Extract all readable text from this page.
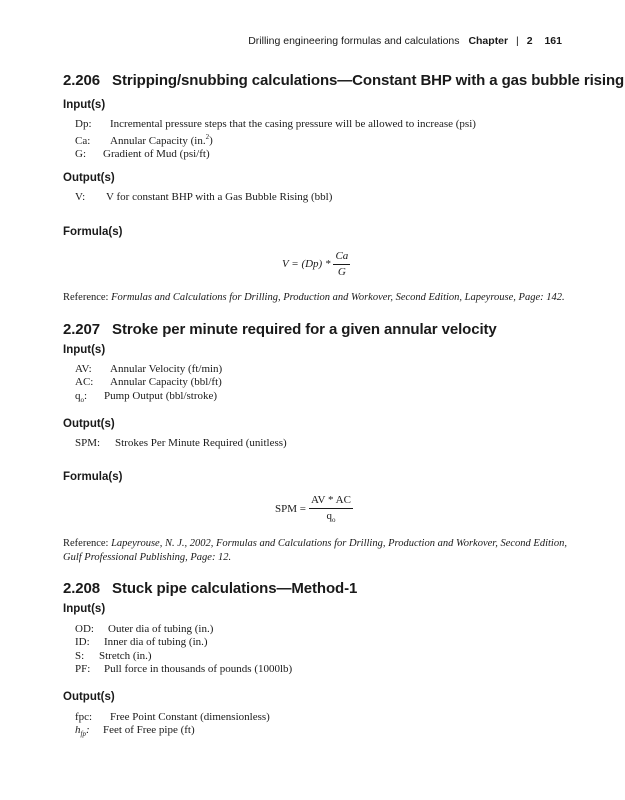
Drilling engineering formulas and calculations Chapter | 2 161
2.206 Stripping/snubbing calculations—Constant BHP with a gas bubble rising
Input(s)
Dp: Incremental pressure steps that the casing pressure will be allowed to increase (psi)
Ca: Annular Capacity (in.$^2$)
G: Gradient of Mud (psi/ft)
Output(s)
V: V for constant BHP with a Gas Bubble Rising (bbl)
Formula(s)
$V = (Dp) * \frac{Ca}{G}$
Reference: Formulas and Calculations for Drilling, Production and Workover, Second Edition, Lapeyrouse, Page: 142.
2.207 Stroke per minute required for a given annular velocity
Input(s)
AV: Annular Velocity (ft/min)
AC: Annular Capacity (bbl/ft)
$q_o$: Pump Output (bbl/stroke)
Output(s)
SPM: Strokes Per Minute Required (unitless)
Formula(s)
SPM = $\frac{AV * AC}{q_o}$
Reference: Lapeyrouse, N. J., 2002, Formulas and Calculations for Drilling, Production and Workover, Second Edition, Gulf Professional Publishing, Page: 12.
2.208 Stuck pipe calculations—Method-1
Input(s)
OD: Outer dia of tubing (in.)
ID: Inner dia of tubing (in.)
S: Stretch (in.)
PF: Pull force in thousands of pounds (1000lb)
Output(s)
fpc: Free Point Constant (dimensionless)
$h_{fp}$: Feet of Free pipe (ft)
